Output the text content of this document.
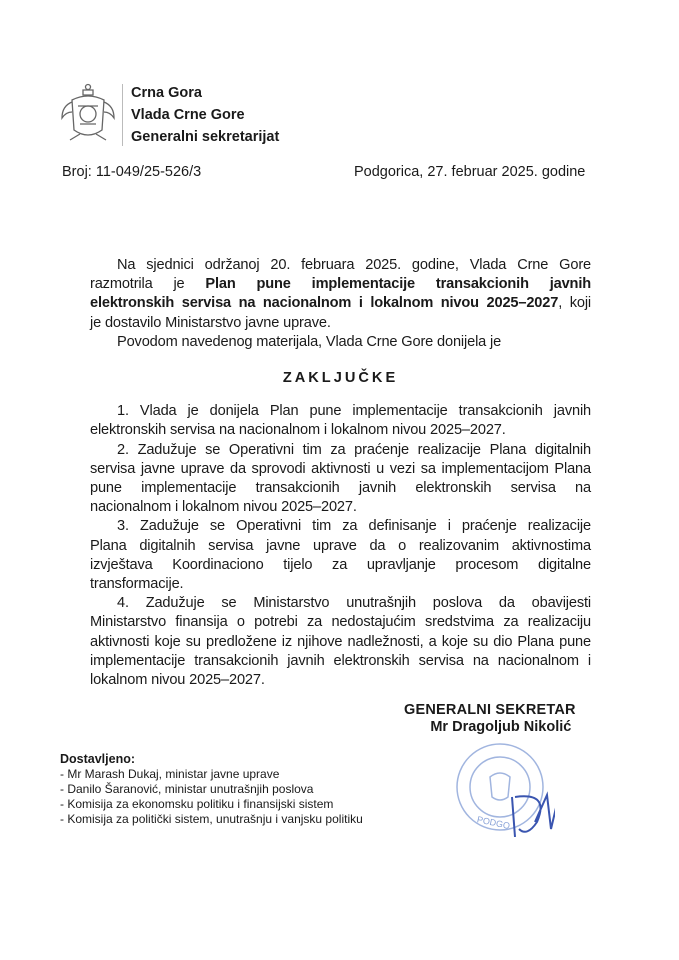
Crna Gora
Vlada Crne Gore
Generalni sekretarijat
Broj: 11-049/25-526/3	Podgorica, 27. februar 2025. godine
Na sjednici održanoj 20. februara 2025. godine, Vlada Crne Gore
razmotrila je Plan pune implementacije transakcionih javnih
elektronskih servisa na nacionalnom i lokalnom nivou 2025–2027, koji
je dostavilo Ministarstvo javne uprave.
Povodom navedenog materijala, Vlada Crne Gore donijela je
ZAKLJUČKE
1. Vlada je donijela Plan pune implementacije transakcionih javnih
elektronskih servisa na nacionalnom i lokalnom nivou 2025–2027.
2. Zadužuje se Operativni tim za praćenje realizacije Plana digitalnih
servisa javne uprave da sprovodi aktivnosti u vezi sa implementacijom Plana
pune implementacije transakcionih javnih elektronskih servisa na
nacionalnom i lokalnom nivou 2025–2027.
3. Zadužuje se Operativni tim za definisanje i praćenje realizacije
Plana digitalnih servisa javne uprave da o realizovanim aktivnostima
izvještava Koordinaciono tijelo za upravljanje procesom digitalne
transformacije.
4. Zadužuje se Ministarstvo unutrašnjih poslova da obavijesti
Ministarstvo finansija o potrebi za nedostajućim sredstvima za realizaciju
aktivnosti koje su predložene iz njihove nadležnosti, a koje su dio Plana pune
implementacije transakcionih javnih elektronskih servisa na nacionalnom i
lokalnom nivou 2025–2027.
GENERALNI SEKRETAR
Mr Dragoljub Nikolić
PODGO
Dostavljeno:
- Mr Marash Dukaj, ministar javne uprave
- Danilo Šaranović, ministar unutrašnjih poslova
- Komisija za ekonomsku politiku i finansijski sistem
- Komisija za politički sistem, unutrašnju i vanjsku politiku
